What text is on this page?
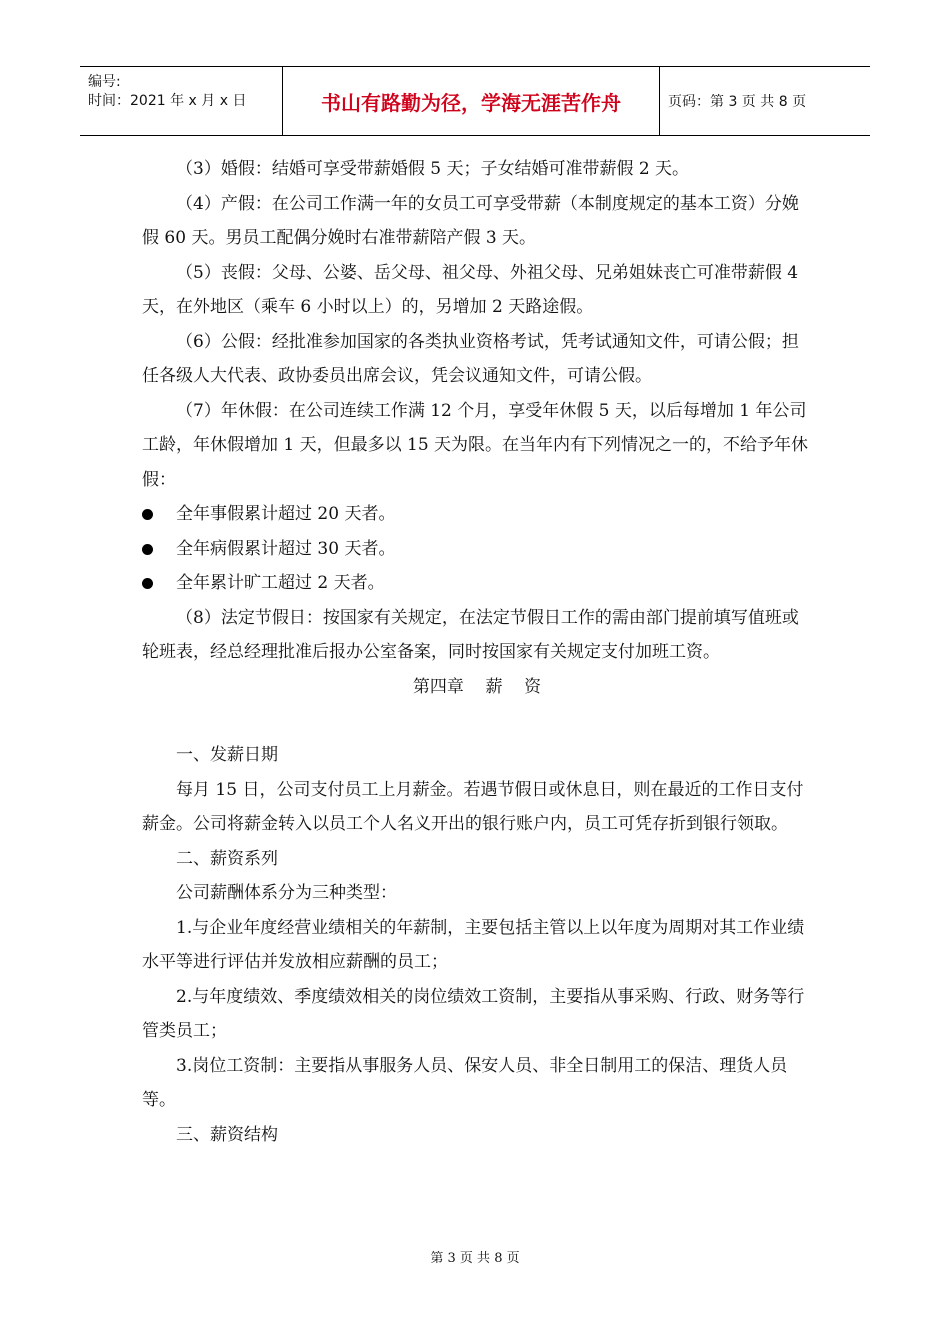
编号:
时间：2021 年 x 月 x 日	书山有路勤为径，学海无涯苦作舟	页码：第 3 页 共 8 页

（3）婚假：结婚可享受带薪婚假 5 天；子女结婚可准带薪假 2 天。

（4）产假：在公司工作满一年的女员工可享受带薪（本制度规定的基本工资）分娩假 60 天。男员工配偶分娩时右准带薪陪产假 3 天。

（5）丧假：父母、公婆、岳父母、祖父母、外祖父母、兄弟姐妹丧亡可准带薪假 4 天，在外地区（乘车 6 小时以上）的，另增加 2 天路途假。

（6）公假：经批准参加国家的各类执业资格考试，凭考试通知文件，可请公假；担任各级人大代表、政协委员出席会议，凭会议通知文件，可请公假。

（7）年休假：在公司连续工作满 12 个月，享受年休假 5 天，以后每增加 1 年公司工龄，年休假增加 1 天，但最多以 15 天为限。在当年内有下列情况之一的，不给予年休假：

全年事假累计超过 20 天者。

全年病假累计超过 30 天者。

全年累计旷工超过 2 天者。

（8）法定节假日：按国家有关规定，在法定节假日工作的需由部门提前填写值班或轮班表，经总经理批准后报办公室备案，同时按国家有关规定支付加班工资。

第四章    薪    资

一、发薪日期

每月 15 日，公司支付员工上月薪金。若遇节假日或休息日，则在最近的工作日支付薪金。公司将薪金转入以员工个人名义开出的银行账户内，员工可凭存折到银行领取。

二、薪资系列

公司薪酬体系分为三种类型：

1.与企业年度经营业绩相关的年薪制，主要包括主管以上以年度为周期对其工作业绩水平等进行评估并发放相应薪酬的员工；

2.与年度绩效、季度绩效相关的岗位绩效工资制，主要指从事采购、行政、财务等行管类员工；

3.岗位工资制：主要指从事服务人员、保安人员、非全日制用工的保洁、理货人员等。

三、薪资结构

第 3 页 共 8 页
